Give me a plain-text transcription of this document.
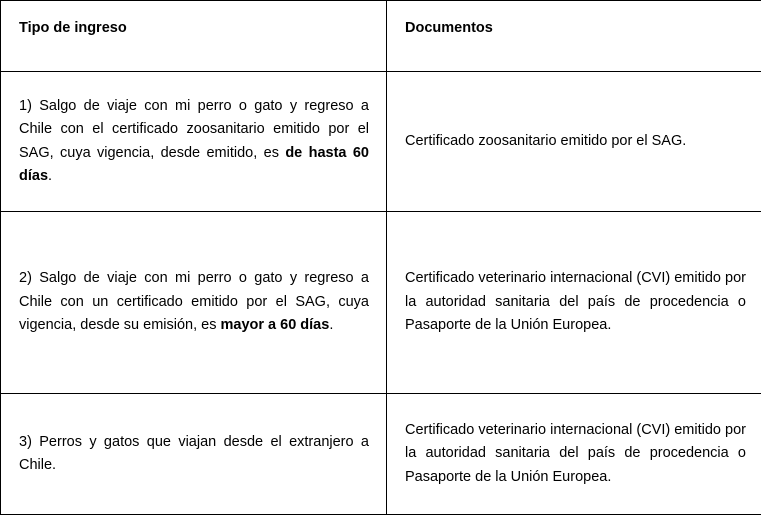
Tipo de ingreso	Documentos

1) Salgo de viaje con mi perro o gato y regreso a Chile con el certificado zoosanitario emitido por el SAG, cuya vigencia, desde emitido, es de hasta 60 días.	Certificado zoosanitario emitido por el SAG.
2) Salgo de viaje con mi perro o gato y regreso a Chile con un certificado emitido por el SAG, cuya vigencia, desde su emisión, es mayor a 60 días.	Certificado veterinario internacional (CVI) emitido por la autoridad sanitaria del país de procedencia o Pasaporte de la Unión Europea.
3) Perros y gatos que viajan desde el extranjero a Chile.	Certificado veterinario internacional (CVI) emitido por la autoridad sanitaria del país de procedencia o Pasaporte de la Unión Europea.
